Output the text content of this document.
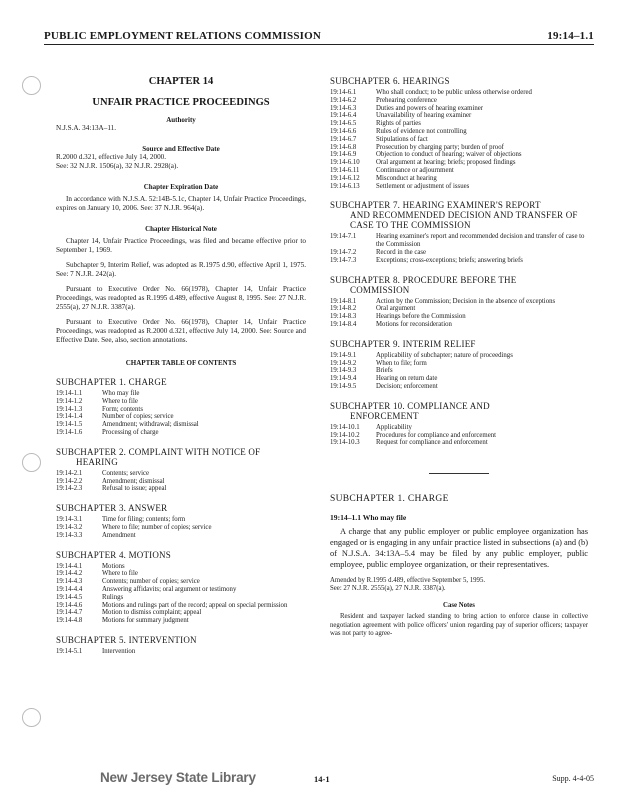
PUBLIC EMPLOYMENT RELATIONS COMMISSION	19:14–1.1
CHAPTER 14
UNFAIR PRACTICE PROCEEDINGS
Authority
N.J.S.A. 34:13A–11.
Source and Effective Date
R.2000 d.321, effective July 14, 2000.
See: 32 N.J.R. 1506(a), 32 N.J.R. 2928(a).
Chapter Expiration Date
In accordance with N.J.S.A. 52:14B-5.1c, Chapter 14, Unfair Practice Proceedings, expires on January 10, 2006. See: 37 N.J.R. 964(a).
Chapter Historical Note
Chapter 14, Unfair Practice Proceedings, was filed and became effective prior to September 1, 1969.
Subchapter 9, Interim Relief, was adopted as R.1975 d.90, effective April 1, 1975. See: 7 N.J.R. 242(a).
Pursuant to Executive Order No. 66(1978), Chapter 14, Unfair Practice Proceedings, was readopted as R.1995 d.489, effective August 8, 1995. See: 27 N.J.R. 2555(a), 27 N.J.R. 3387(a).
Pursuant to Executive Order No. 66(1978), Chapter 14, Unfair Practice Proceedings, was readopted as R.2000 d.321, effective July 14, 2000. See: Source and Effective Date. See, also, section annotations.
CHAPTER TABLE OF CONTENTS
SUBCHAPTER 1. CHARGE
19:14-1.1	Who may file
19:14-1.2	Where to file
19:14-1.3	Form; contents
19:14-1.4	Number of copies; service
19:14-1.5	Amendment; withdrawal; dismissal
19:14-1.6	Processing of charge
SUBCHAPTER 2. COMPLAINT WITH NOTICE OF
HEARING
19:14-2.1	Contents; service
19:14-2.2	Amendment; dismissal
19:14-2.3	Refusal to issue; appeal
SUBCHAPTER 3. ANSWER
19:14-3.1	Time for filing; contents; form
19:14-3.2	Where to file; number of copies; service
19:14-3.3	Amendment
SUBCHAPTER 4. MOTIONS
19:14-4.1	Motions
19:14-4.2	Where to file
19:14-4.3	Contents; number of copies; service
19:14-4.4	Answering affidavits; oral argument or testimony
19:14-4.5	Rulings
19:14-4.6	Motions and rulings part of the record; appeal on special permission
19:14-4.7	Motion to dismiss complaint; appeal
19:14-4.8	Motions for summary judgment
SUBCHAPTER 5. INTERVENTION
19:14-5.1	Intervention
SUBCHAPTER 6. HEARINGS
19:14-6.1	Who shall conduct; to be public unless otherwise ordered
19:14-6.2	Prehearing conference
19:14-6.3	Duties and powers of hearing examiner
19:14-6.4	Unavailability of hearing examiner
19:14-6.5	Rights of parties
19:14-6.6	Rules of evidence not controlling
19:14-6.7	Stipulations of fact
19:14-6.8	Prosecution by charging party; burden of proof
19:14-6.9	Objection to conduct of hearing; waiver of objections
19:14-6.10	Oral argument at hearing; briefs; proposed findings
19:14-6.11	Continuance or adjournment
19:14-6.12	Misconduct at hearing
19:14-6.13	Settlement or adjustment of issues
SUBCHAPTER 7. HEARING EXAMINER'S REPORT
AND RECOMMENDED DECISION AND TRANSFER OF CASE TO THE COMMISSION
19:14-7.1	Hearing examiner's report and recommended decision and transfer of case to the Commission
19:14-7.2	Record in the case
19:14-7.3	Exceptions; cross-exceptions; briefs; answering briefs
SUBCHAPTER 8. PROCEDURE BEFORE THE
COMMISSION
19:14-8.1	Action by the Commission; Decision in the absence of exceptions
19:14-8.2	Oral argument
19:14-8.3	Hearings before the Commission
19:14-8.4	Motions for reconsideration
SUBCHAPTER 9. INTERIM RELIEF
19:14-9.1	Applicability of subchapter; nature of proceedings
19:14-9.2	When to file; form
19:14-9.3	Briefs
19:14-9.4	Hearing on return date
19:14-9.5	Decision; enforcement
SUBCHAPTER 10. COMPLIANCE AND
ENFORCEMENT
19:14-10.1	Applicability
19:14-10.2	Procedures for compliance and enforcement
19:14-10.3	Request for compliance and enforcement
SUBCHAPTER 1. CHARGE
19:14–1.1 Who may file
A charge that any public employer or public employee organization has engaged or is engaging in any unfair practice listed in subsections (a) and (b) of N.J.S.A. 34:13A–5.4 may be filed by any public employer, public employee, public employee organization, or their representatives.
Amended by R.1995 d.489, effective September 5, 1995.
See: 27 N.J.R. 2555(a), 27 N.J.R. 3387(a).
Case Notes
Resident and taxpayer lacked standing to bring action to enforce clause in collective negotiation agreement with police officers' union regarding pay of superior officers; taxpayer was not party to agree-
New Jersey State Library	14-1	Supp. 4-4-05
